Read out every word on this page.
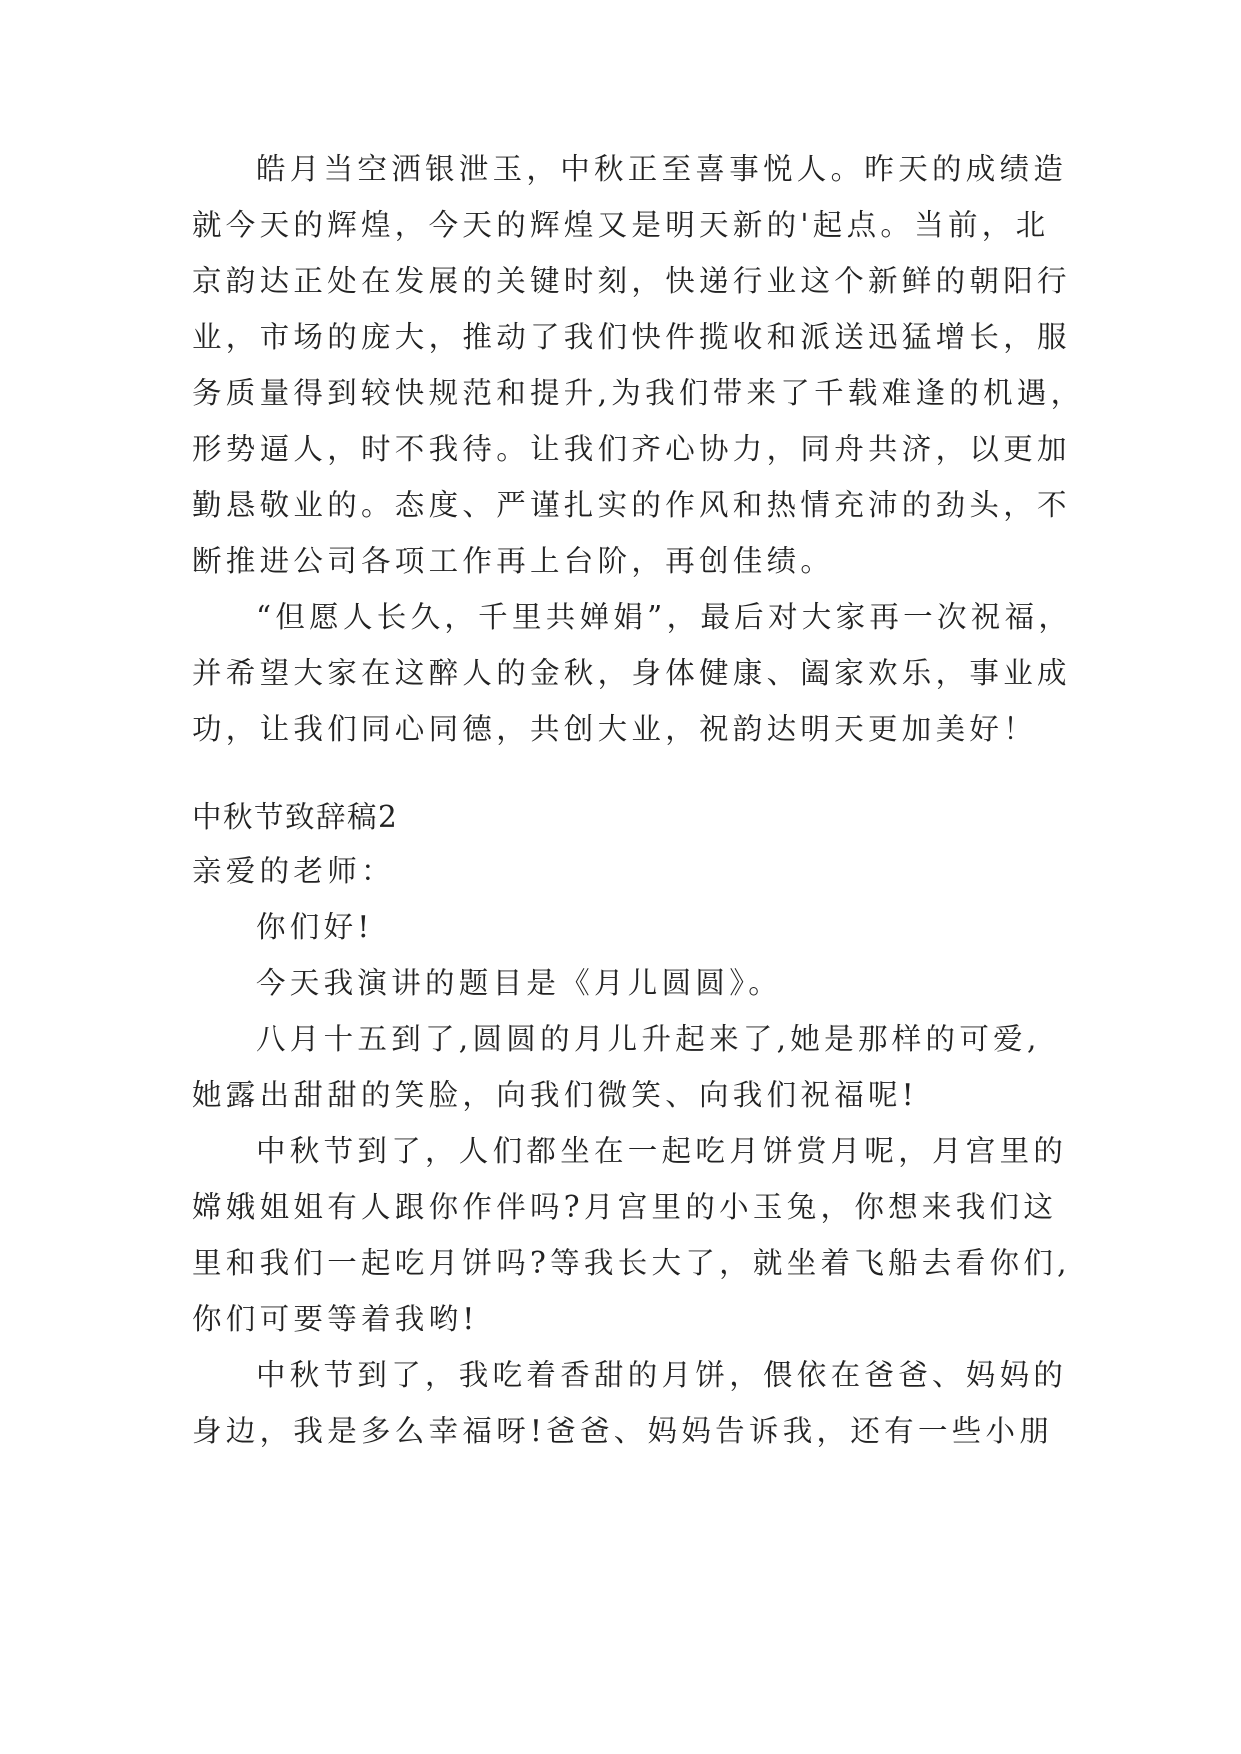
皓月当空洒银泄玉，中秋正至喜事悦人。昨天的成绩造
就今天的辉煌，今天的辉煌又是明天新的'起点。当前，北
京韵达正处在发展的关键时刻，快递行业这个新鲜的朝阳行
业，市场的庞大，推动了我们快件揽收和派送迅猛增长，服
务质量得到较快规范和提升,为我们带来了千载难逢的机遇，
形势逼人，时不我待。让我们齐心协力，同舟共济，以更加
勤恳敬业的。态度、严谨扎实的作风和热情充沛的劲头，不
断推进公司各项工作再上台阶，再创佳绩。
“但愿人长久，千里共婵娟”，最后对大家再一次祝福，
并希望大家在这醉人的金秋，身体健康、阖家欢乐，事业成
功，让我们同心同德，共创大业，祝韵达明天更加美好！
中秋节致辞稿2
亲爱的老师：
你们好!
今天我演讲的题目是《月儿圆圆》。
八月十五到了,圆圆的月儿升起来了,她是那样的可爱,
她露出甜甜的笑脸，向我们微笑、向我们祝福呢!
中秋节到了，人们都坐在一起吃月饼赏月呢，月宫里的
嫦娥姐姐有人跟你作伴吗?月宫里的小玉兔，你想来我们这
里和我们一起吃月饼吗?等我长大了，就坐着飞船去看你们,
你们可要等着我哟!
中秋节到了，我吃着香甜的月饼，偎依在爸爸、妈妈的
身边，我是多么幸福呀!爸爸、妈妈告诉我，还有一些小朋
